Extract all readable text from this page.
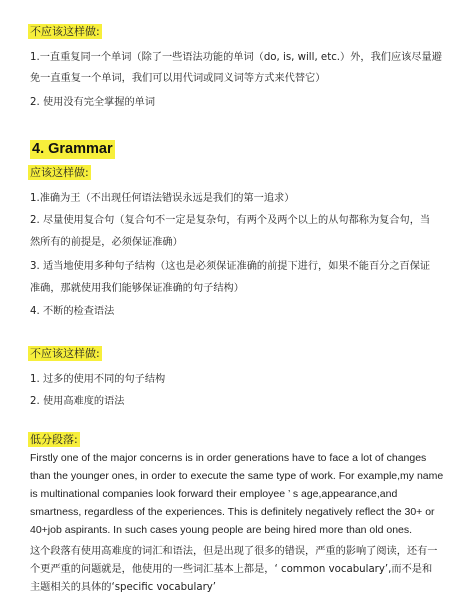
不应该这样做:
1.一直重复同一个单词（除了一些语法功能的单词（do, is, will, etc.）外，我们应该尽量避
免一直重复一个单词，我们可以用代词或同义词等方式来代替它）
2. 使用没有完全掌握的单词
4. Grammar
应该这样做:
1.准确为王（不出现任何语法错误永远是我们的第一追求）
2. 尽量使用复合句（复合句不一定是复杂句，有两个及两个以上的从句都称为复合句，当
然所有的前提是，必须保证准确）
3. 适当地使用多种句子结构（这也是必须保证准确的前提下进行，如果不能百分之百保证
准确，那就使用我们能够保证准确的句子结构）
4. 不断的检查语法
不应该这样做:
1. 过多的使用不同的句子结构
2. 使用高难度的语法
低分段落:
Firstly one of the major concerns is in order generations have to face a lot of changes
than the younger ones, in order to execute the same type of work. For example,my name
is multinational companies look forward their employee ’ s age,appearance,and
smartness, regardless of the experiences. This is definitely negatively reflect the 30+ or
40+job aspirants. In such cases young people are being hired more than old ones.
这个段落有使用高难度的词汇和语法，但是出现了很多的错误，严重的影响了阅读，还有一
个更严重的问题就是，他使用的一些词汇基本上都是，‘ common vocabulary’,而不是和
主题相关的具体的‘specific vocabulary’
